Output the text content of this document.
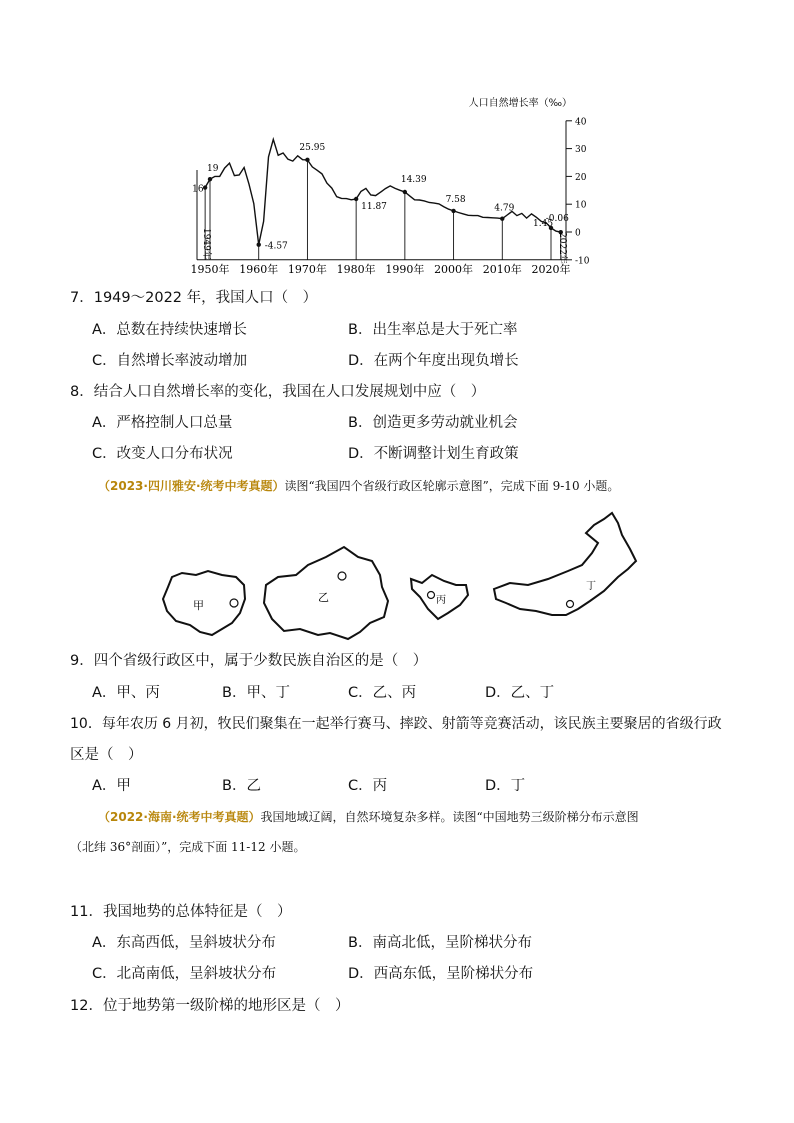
40
30
20
10
0
-10
人口自然增长率（‰）
1950年 1960年 1970年 1980年 1990年 2000年 2010年 2020年
16
19
-4.57
25.95
11.87
14.39
7.58
4.79
1.45
-0.06
1949年	2022年
7．1949～2022 年，我国人口（　）
A．总数在持续快速增长	B．出生率总是大于死亡率
C．自然增长率波动增加	D．在两个年度出现负增长
8．结合人口自然增长率的变化，我国在人口发展规划中应（　）
A．严格控制人口总量	B．创造更多劳动就业机会
C．改变人口分布状况	D．不断调整计划生育政策
（2023·四川雅安·统考中考真题）读图“我国四个省级行政区轮廓示意图”，完成下面 9-10 小题。
甲
乙	丙
丁
9．四个省级行政区中，属于少数民族自治区的是（　）
A．甲、丙	B．甲、丁	C．乙、丙	D．乙、丁
10．每年农历 6 月初，牧民们聚集在一起举行赛马、摔跤、射箭等竞赛活动，该民族主要聚居的省级行政
区是（　）
A．甲	B．乙	C．丙	D．丁
（2022·海南·统考中考真题）我国地域辽阔，自然环境复杂多样。读图“中国地势三级阶梯分布示意图
（北纬 36°剖面）”，完成下面 11-12 小题。
11．我国地势的总体特征是（　）
A．东高西低，呈斜坡状分布	B．南高北低，呈阶梯状分布
C．北高南低，呈斜坡状分布	D．西高东低，呈阶梯状分布
12．位于地势第一级阶梯的地形区是（　）
